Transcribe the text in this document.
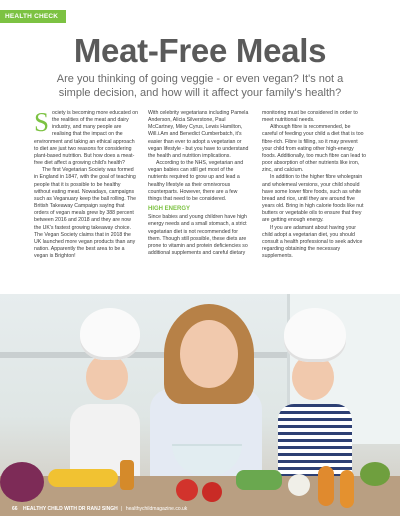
HEALTH CHECK
Meat-Free Meals

Are you thinking of going veggie - or even vegan? It's not a simple decision, and how will it affect your family's health?

Society is becoming more educated on the realities of the meat and dairy industry, and many people are realising that the impact on the environment and taking an ethical approach to diet are just two reasons for considering plant-based nutrition. But how does a meat-free diet affect a growing child's health?

The first Vegetarian Society was formed in England in 1847, with the goal of teaching people that it is possible to be healthy without eating meat. Nowadays, campaigns such as Veganuary keep the ball rolling. The British Takeaway Campaign saying that orders of vegan meals grew by 388 percent between 2016 and 2018 and they are now the UK's fastest growing takeaway choice. The Vegan Society claims that in 2018 the UK launched more vegan products than any nation. Apparently the best area to be a vegan is Brighton!

With celebrity vegetarians including Pamela Anderson, Alicia Silverstone, Paul McCartney, Miley Cyrus, Lewis Hamilton, Will.i.Am and Benedict Cumberbatch, it's easier than ever to adopt a vegetarian or vegan lifestyle - but you have to understand the health and nutrition implications.

According to the NHS, vegetarian and vegan babies can still get most of the nutrients required to grow up and lead a healthy lifestyle as their omnivorous counterparts. However, there are a few things that need to be considered.

HIGH ENERGY

Since babies and young children have high energy needs and a small stomach, a strict vegetarian diet is not recommended for them. Though still possible, these diets are prone to vitamin and protein deficiencies so additional supplements and careful dietary

monitoring must be considered in order to meet nutritional needs.

Although fibre is recommended, be careful of feeding your child a diet that is too fibre-rich. Fibre is filling, so it may prevent your child from eating other high-energy foods. Additionally, too much fibre can lead to poor absorption of other nutrients like iron, zinc, and calcium.

In addition to the higher fibre wholegrain and wholemeal versions, your child should have some lower fibre foods, such as white bread and rice, until they are around five years old. Bring in high calorie foods like nut butters or vegetable oils to ensure that they are getting enough energy.

If you are adamant about having your child adopt a vegetarian diet, you should consult a health professional to seek advice regarding obtaining the necessary supplements.

66 HEALTHY CHILD WITH DR RANJ SINGH | healthychildmagazine.co.uk
